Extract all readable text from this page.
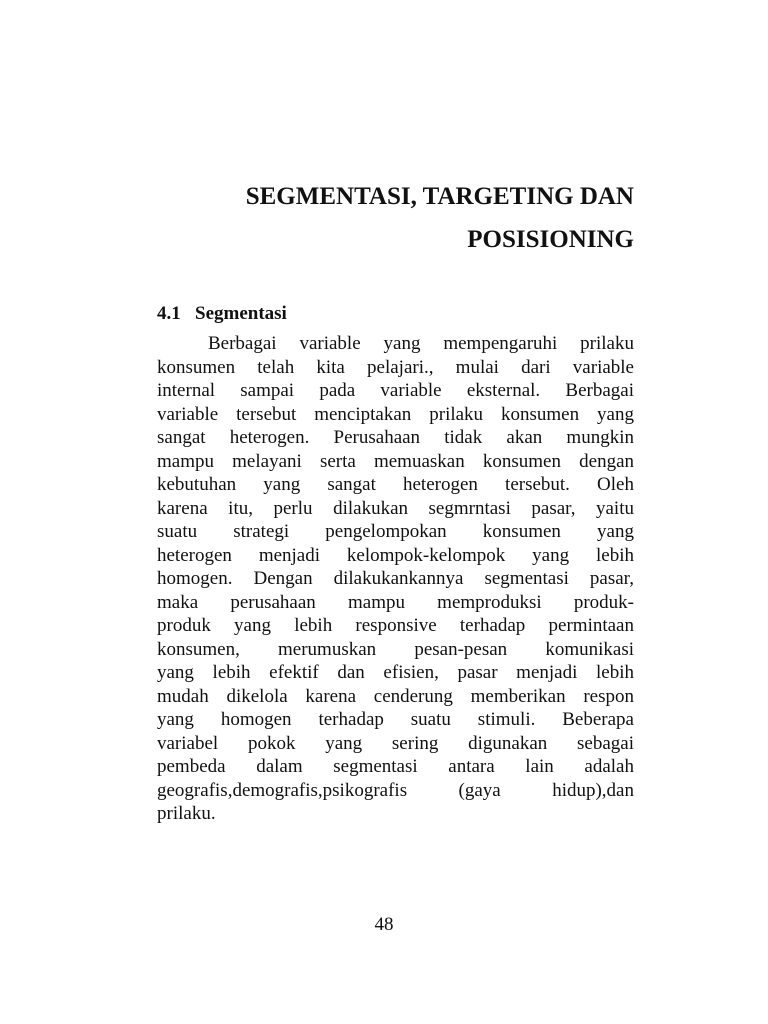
SEGMENTASI, TARGETING DAN
POSISIONING
4.1 Segmentasi
Berbagai variable yang mempengaruhi prilaku
konsumen telah kita pelajari., mulai dari variable
internal sampai pada variable eksternal. Berbagai
variable tersebut menciptakan prilaku konsumen yang
sangat heterogen. Perusahaan tidak akan mungkin
mampu melayani serta memuaskan konsumen dengan
kebutuhan yang sangat heterogen tersebut. Oleh
karena itu, perlu dilakukan segmrntasi pasar, yaitu
suatu strategi pengelompokan konsumen yang
heterogen menjadi kelompok-kelompok yang lebih
homogen. Dengan dilakukankannya segmentasi pasar,
maka perusahaan mampu memproduksi produk-
produk yang lebih responsive terhadap permintaan
konsumen, merumuskan pesan-pesan komunikasi
yang lebih efektif dan efisien, pasar menjadi lebih
mudah dikelola karena cenderung memberikan respon
yang homogen terhadap suatu stimuli. Beberapa
variabel pokok yang sering digunakan sebagai
pembeda dalam segmentasi antara lain adalah
geografis,demografis,psikografis (gaya hidup),dan
prilaku.

48
